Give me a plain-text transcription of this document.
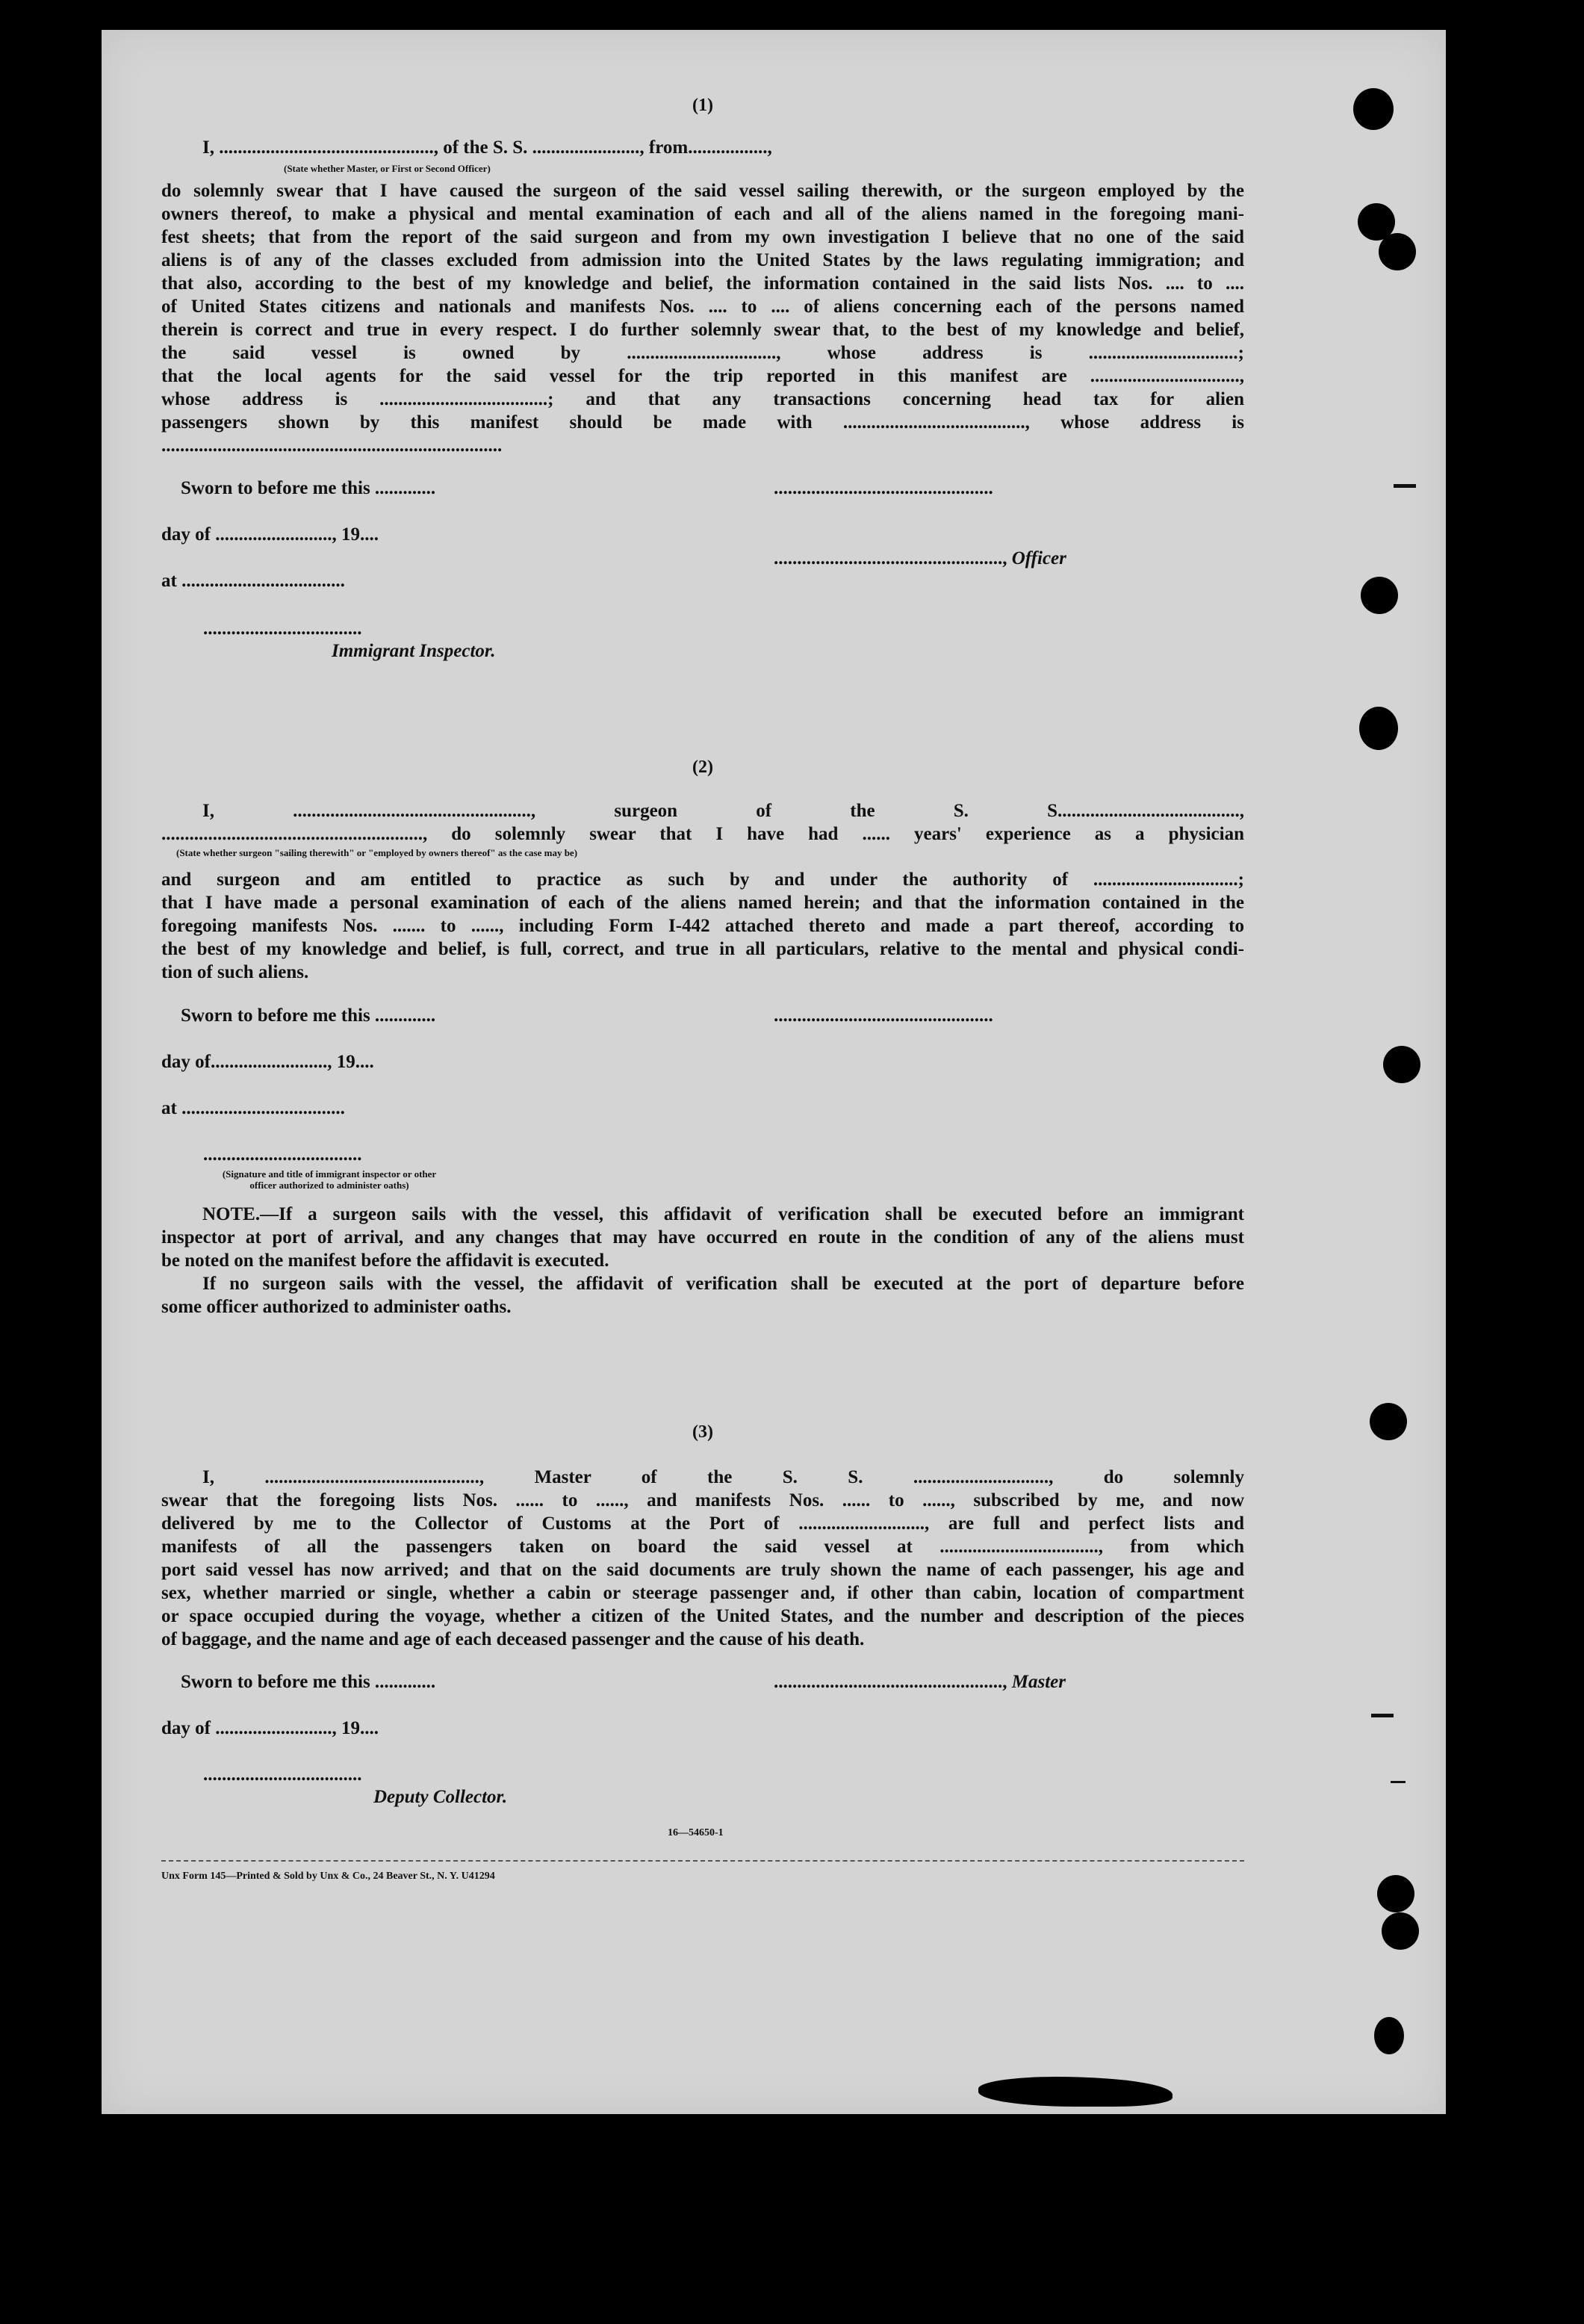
(1)
I, .............................................., of the S. S. ......................., from.................,
(State whether Master, or First or Second Officer)
do solemnly swear that I have caused the surgeon of the said vessel sailing therewith, or the surgeon employed by the
owners thereof, to make a physical and mental examination of each and all of the aliens named in the foregoing mani-
fest sheets; that from the report of the said surgeon and from my own investigation I believe that no one of the said
aliens is of any of the classes excluded from admission into the United States by the laws regulating immigration; and
that also, according to the best of my knowledge and belief, the information contained in the said lists Nos. .... to ....
of United States citizens and nationals and manifests Nos. .... to .... of aliens concerning each of the persons named
therein is correct and true in every respect. I do further solemnly swear that, to the best of my knowledge and belief,
the said vessel is owned by ................................, whose address is ................................;
that the local agents for the said vessel for the trip reported in this manifest are ................................,
whose address is ....................................; and that any transactions concerning head tax for alien
passengers shown by this manifest should be made with ......................................., whose address is
.........................................................................
Sworn to before me this .............
day of ........................., 19....
at ...................................
..................................
Immigrant Inspector.
...............................................
................................................., Officer
(2)
I, ..................................................., surgeon of the S. S.......................................,
........................................................, do solemnly swear that I have had ...... years' experience as a physician
(State whether surgeon "sailing therewith" or "employed by owners thereof" as the case may be)
and surgeon and am entitled to practice as such by and under the authority of ...............................;
that I have made a personal examination of each of the aliens named herein; and that the information contained in the
foregoing manifests Nos. ....... to ......, including Form I-442 attached thereto and made a part thereof, according to
the best of my knowledge and belief, is full, correct, and true in all particulars, relative to the mental and physical condi-
tion of such aliens.
Sworn to before me this .............
day of........................., 19....
at ...................................
...............................................
..................................
(Signature and title of immigrant inspector or other officer authorized to administer oaths)
NOTE.—If a surgeon sails with the vessel, this affidavit of verification shall be executed before an immigrant
inspector at port of arrival, and any changes that may have occurred en route in the condition of any of the aliens must
be noted on the manifest before the affidavit is executed.
If no surgeon sails with the vessel, the affidavit of verification shall be executed at the port of departure before
some officer authorized to administer oaths.
(3)
I, .............................................., Master of the S. S. ............................., do solemnly
swear that the foregoing lists Nos. ...... to ......, and manifests Nos. ...... to ......, subscribed by me, and now
delivered by me to the Collector of Customs at the Port of ..........................., are full and perfect lists and
manifests of all the passengers taken on board the said vessel at .................................., from which
port said vessel has now arrived; and that on the said documents are truly shown the name of each passenger, his age and
sex, whether married or single, whether a cabin or steerage passenger and, if other than cabin, location of compartment
or space occupied during the voyage, whether a citizen of the United States, and the number and description of the pieces
of baggage, and the name and age of each deceased passenger and the cause of his death.
Sworn to before me this .............
day of ........................., 19....
..................................
Deputy Collector.
................................................., Master
16—54650-1
Unx Form 145—Printed & Sold by Unx & Co., 24 Beaver St., N. Y. U41294
